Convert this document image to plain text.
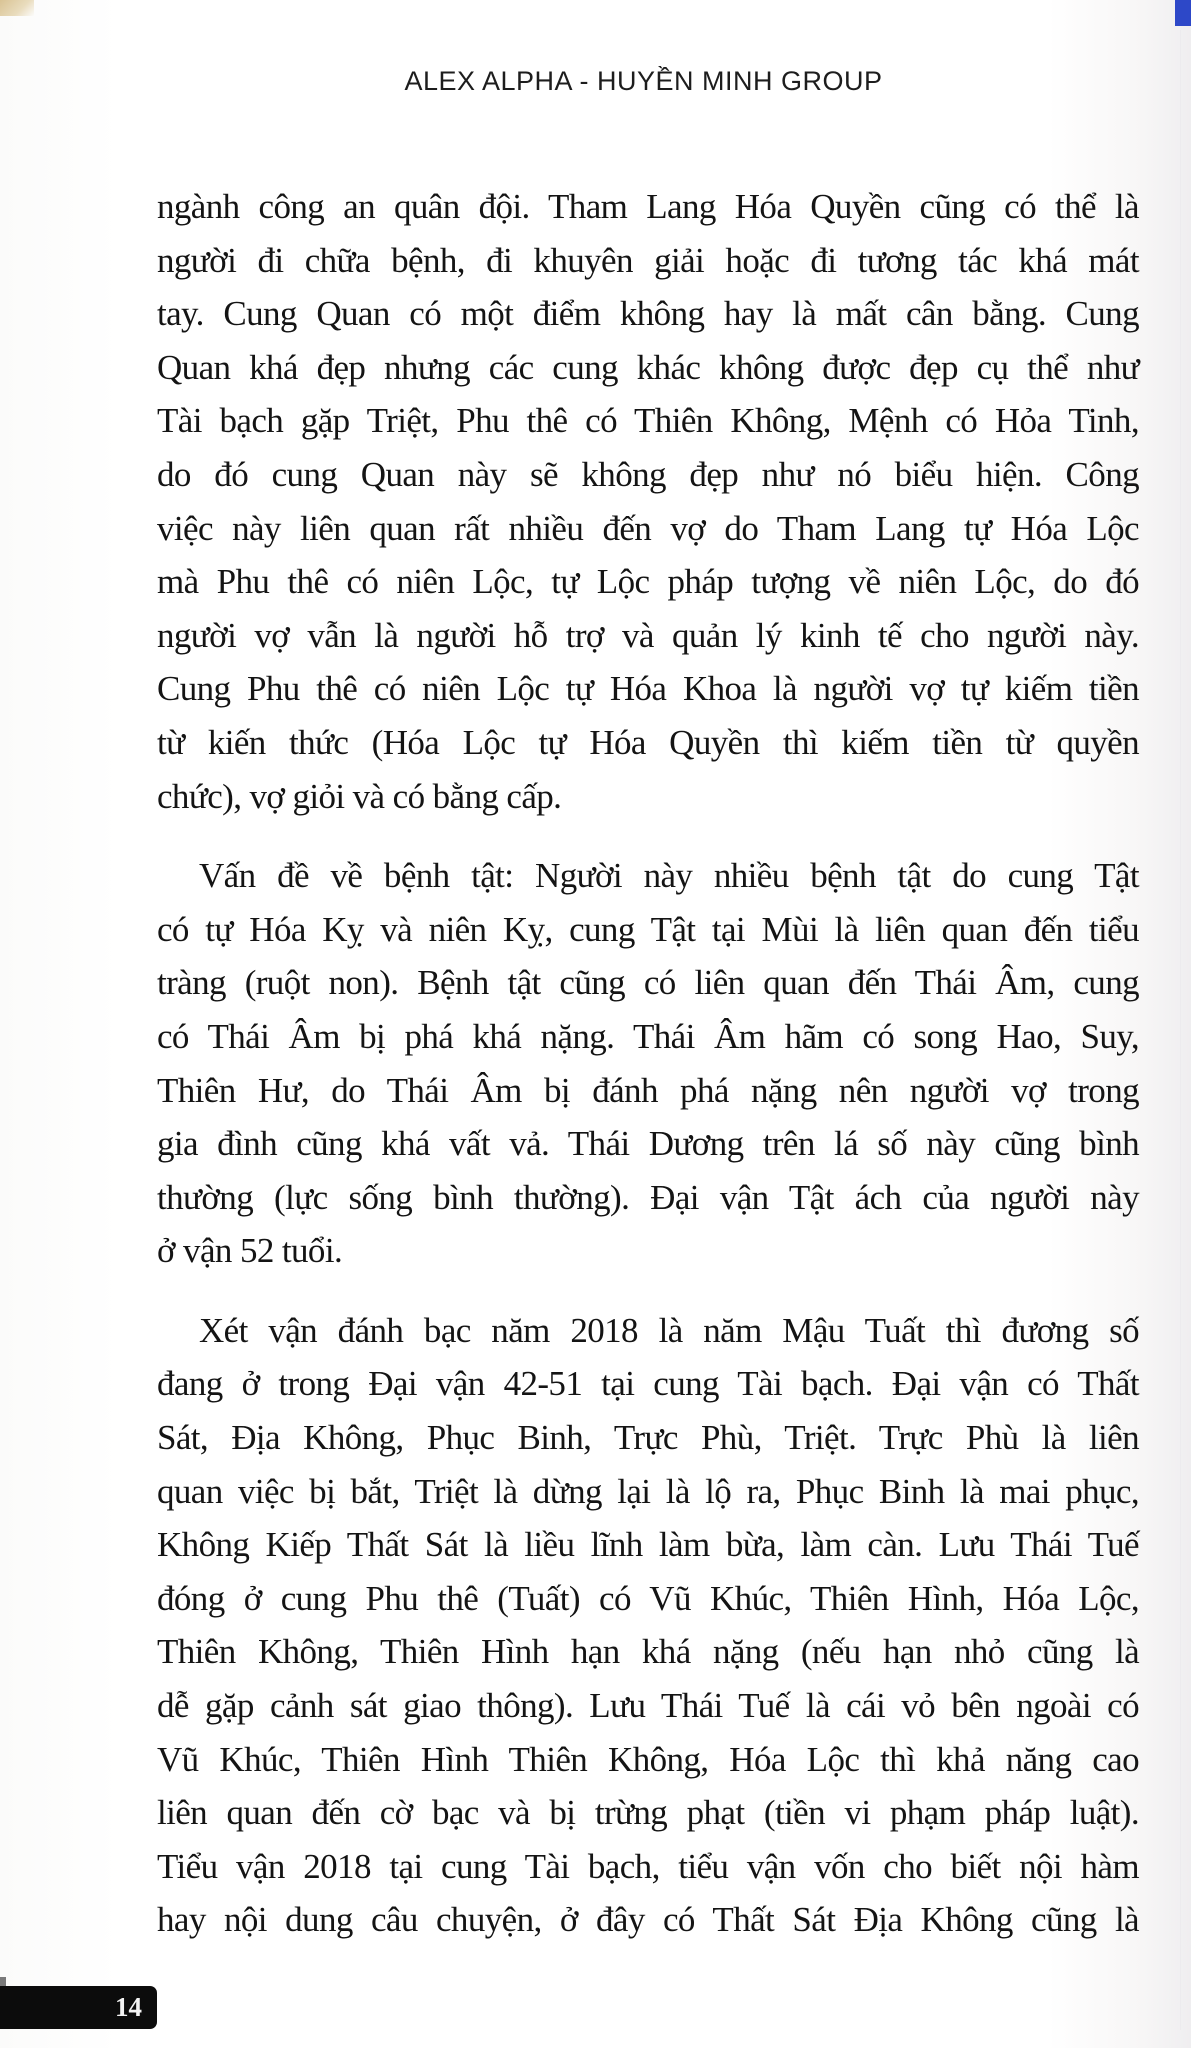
ALEX ALPHA - HUYỀN MINH GROUP
ngành công an quân đội. Tham Lang Hóa Quyền cũng có thể là
người đi chữa bệnh, đi khuyên giải hoặc đi tương tác khá mát
tay. Cung Quan có một điểm không hay là mất cân bằng. Cung
Quan khá đẹp nhưng các cung khác không được đẹp cụ thể như
Tài bạch gặp Triệt, Phu thê có Thiên Không, Mệnh có Hỏa Tinh,
do đó cung Quan này sẽ không đẹp như nó biểu hiện. Công
việc này liên quan rất nhiều đến vợ do Tham Lang tự Hóa Lộc
mà Phu thê có niên Lộc, tự Lộc pháp tượng về niên Lộc, do đó
người vợ vẫn là người hỗ trợ và quản lý kinh tế cho người này.
Cung Phu thê có niên Lộc tự Hóa Khoa là người vợ tự kiếm tiền
từ kiến thức (Hóa Lộc tự Hóa Quyền thì kiếm tiền từ quyền
chức), vợ giỏi và có bằng cấp.
Vấn đề về bệnh tật: Người này nhiều bệnh tật do cung Tật
có tự Hóa Kỵ và niên Kỵ, cung Tật tại Mùi là liên quan đến tiểu
tràng (ruột non). Bệnh tật cũng có liên quan đến Thái Âm, cung
có Thái Âm bị phá khá nặng. Thái Âm hãm có song Hao, Suy,
Thiên Hư, do Thái Âm bị đánh phá nặng nên người vợ trong
gia đình cũng khá vất vả. Thái Dương trên lá số này cũng bình
thường (lực sống bình thường). Đại vận Tật ách của người này
ở vận 52 tuổi.
Xét vận đánh bạc năm 2018 là năm Mậu Tuất thì đương số
đang ở trong Đại vận 42-51 tại cung Tài bạch. Đại vận có Thất
Sát, Địa Không, Phục Binh, Trực Phù, Triệt. Trực Phù là liên
quan việc bị bắt, Triệt là dừng lại là lộ ra, Phục Binh là mai phục,
Không Kiếp Thất Sát là liều lĩnh làm bừa, làm càn. Lưu Thái Tuế
đóng ở cung Phu thê (Tuất) có Vũ Khúc, Thiên Hình, Hóa Lộc,
Thiên Không, Thiên Hình hạn khá nặng (nếu hạn nhỏ cũng là
dễ gặp cảnh sát giao thông). Lưu Thái Tuế là cái vỏ bên ngoài có
Vũ Khúc, Thiên Hình Thiên Không, Hóa Lộc thì khả năng cao
liên quan đến cờ bạc và bị trừng phạt (tiền vi phạm pháp luật).
Tiểu vận 2018 tại cung Tài bạch, tiểu vận vốn cho biết nội hàm
hay nội dung câu chuyện, ở đây có Thất Sát Địa Không cũng là
14
